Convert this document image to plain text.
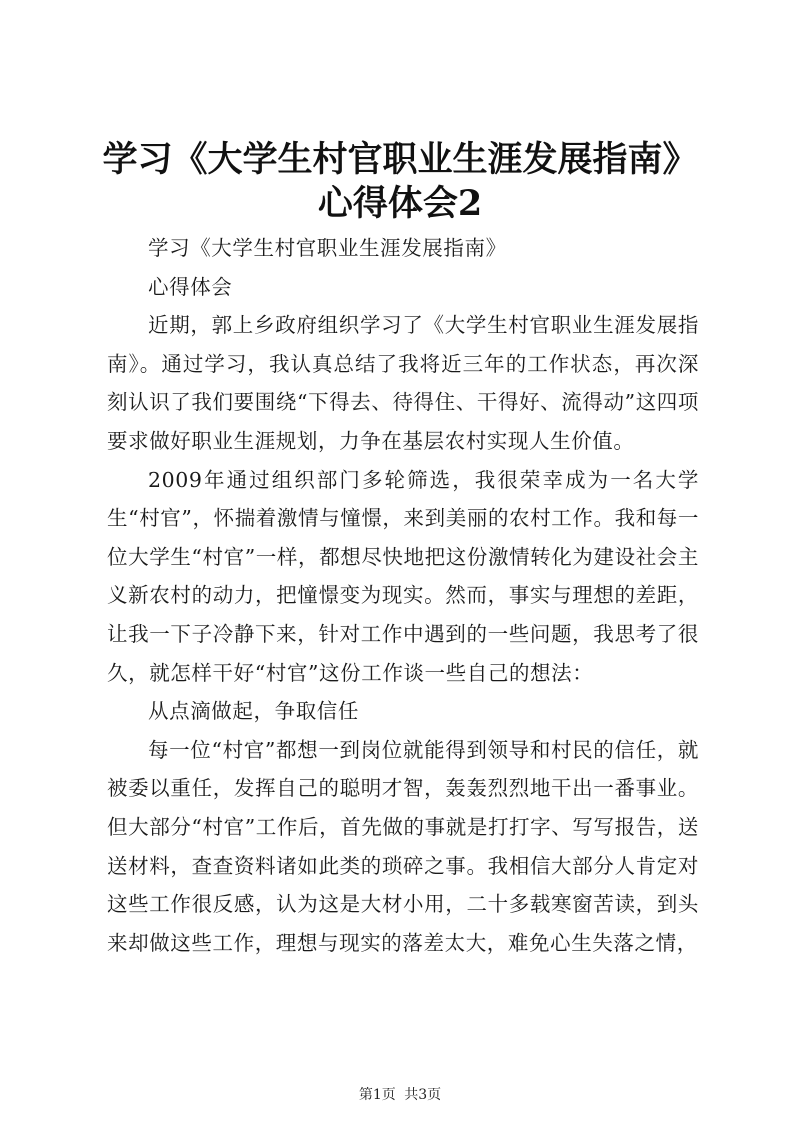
学习《大学生村官职业生涯发展指南》心得体会2

学习《大学生村官职业生涯发展指南》

心得体会

近期，郭上乡政府组织学习了《大学生村官职业生涯发展指南》。通过学习，我认真总结了我将近三年的工作状态，再次深刻认识了我们要围绕“下得去、待得住、干得好、流得动”这四项要求做好职业生涯规划，力争在基层农村实现人生价值。

2009年通过组织部门多轮筛选，我很荣幸成为一名大学生“村官”，怀揣着激情与憧憬，来到美丽的农村工作。我和每一位大学生“村官”一样，都想尽快地把这份激情转化为建设社会主义新农村的动力，把憧憬变为现实。然而，事实与理想的差距，让我一下子冷静下来，针对工作中遇到的一些问题，我思考了很久，就怎样干好“村官”这份工作谈一些自己的想法：

从点滴做起，争取信任

每一位“村官”都想一到岗位就能得到领导和村民的信任，就被委以重任，发挥自己的聪明才智，轰轰烈烈地干出一番事业。但大部分“村官”工作后，首先做的事就是打打字、写写报告，送送材料，查查资料诸如此类的琐碎之事。我相信大部分人肯定对这些工作很反感，认为这是大材小用，二十多载寒窗苦读，到头来却做这些工作，理想与现实的落差太大，难免心生失落之情，

第1页 共3页
